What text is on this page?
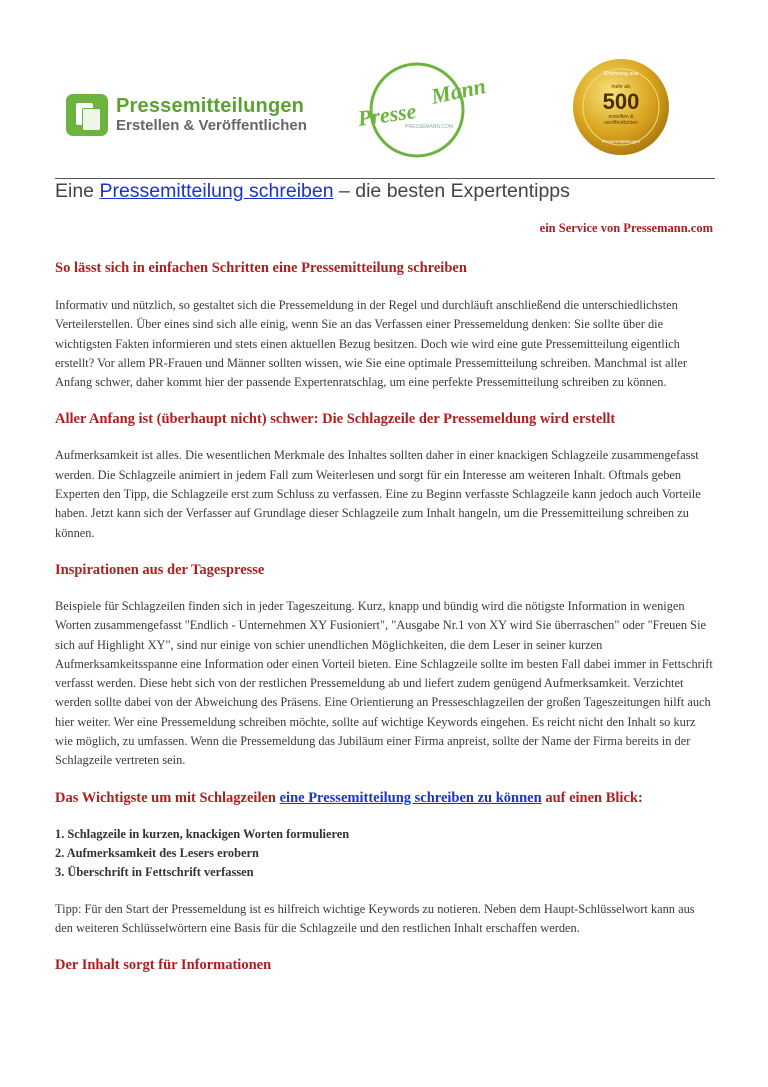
Pressemitteilungen
Erstellen & Veröffentlichen Presse
Mann
PRESSEMANN.COM
Erfahrung aus
mehr als
500
erstellten &
veröffentlichten
Pressemitteilungen
Eine Pressemitteilung schreiben – die besten Expertentipps
ein Service von Pressemann.com
So lässt sich in einfachen Schritten eine Pressemitteilung schreiben

Informativ und nützlich, so gestaltet sich die Pressemeldung in der Regel und durchläuft anschließend die unterschiedlichsten Verteilerstellen. Über eines sind sich alle einig, wenn Sie an das Verfassen einer Pressemeldung denken: Sie sollte über die wichtigsten Fakten informieren und stets einen aktuellen Bezug besitzen. Doch wie wird eine gute Pressemitteilung eigentlich erstellt? Vor allem PR-Frauen und Männer sollten wissen, wie Sie eine optimale Pressemitteilung schreiben. Manchmal ist aller Anfang schwer, daher kommt hier der passende Expertenratschlag, um eine perfekte Pressemitteilung schreiben zu können.

Aller Anfang ist (überhaupt nicht) schwer: Die Schlagzeile der Pressemeldung wird erstellt

Aufmerksamkeit ist alles. Die wesentlichen Merkmale des Inhaltes sollten daher in einer knackigen Schlagzeile zusammengefasst werden. Die Schlagzeile animiert in jedem Fall zum Weiterlesen und sorgt für ein Interesse am weiteren Inhalt. Oftmals geben Experten den Tipp, die Schlagzeile erst zum Schluss zu verfassen. Eine zu Beginn verfasste Schlagzeile kann jedoch auch Vorteile haben. Jetzt kann sich der Verfasser auf Grundlage dieser Schlagzeile zum Inhalt hangeln, um die Pressemitteilung schreiben zu können.

Inspirationen aus der Tagespresse

Beispiele für Schlagzeilen finden sich in jeder Tageszeitung. Kurz, knapp und bündig wird die nötigste Information in wenigen Worten zusammengefasst "Endlich - Unternehmen XY Fusioniert", "Ausgabe Nr.1 von XY wird Sie überraschen" oder "Freuen Sie sich auf Highlight XY", sind nur einige von schier unendlichen Möglichkeiten, die dem Leser in seiner kurzen Aufmerksamkeitsspanne eine Information oder einen Vorteil bieten. Eine Schlagzeile sollte im besten Fall dabei immer in Fettschrift verfasst werden. Diese hebt sich von der restlichen Pressemeldung ab und liefert zudem genügend Aufmerksamkeit. Verzichtet werden sollte dabei von der Abweichung des Präsens. Eine Orientierung an Presseschlagzeilen der großen Tageszeitungen hilft auch hier weiter. Wer eine Pressemeldung schreiben möchte, sollte auf wichtige Keywords eingehen. Es reicht nicht den Inhalt so kurz wie möglich, zu umfassen. Wenn die Pressemeldung das Jubiläum einer Firma anpreist, sollte der Name der Firma bereits in der Schlagzeile vertreten sein.

Das Wichtigste um mit Schlagzeilen eine Pressemitteilung schreiben zu können auf einen Blick:
1. Schlagzeile in kurzen, knackigen Worten formulieren
2. Aufmerksamkeit des Lesers erobern
3. Überschrift in Fettschrift verfassen

Tipp: Für den Start der Pressemeldung ist es hilfreich wichtige Keywords zu notieren. Neben dem Haupt-Schlüsselwort kann aus den weiteren Schlüsselwörtern eine Basis für die Schlagzeile und den restlichen Inhalt erschaffen werden.

Der Inhalt sorgt für Informationen
